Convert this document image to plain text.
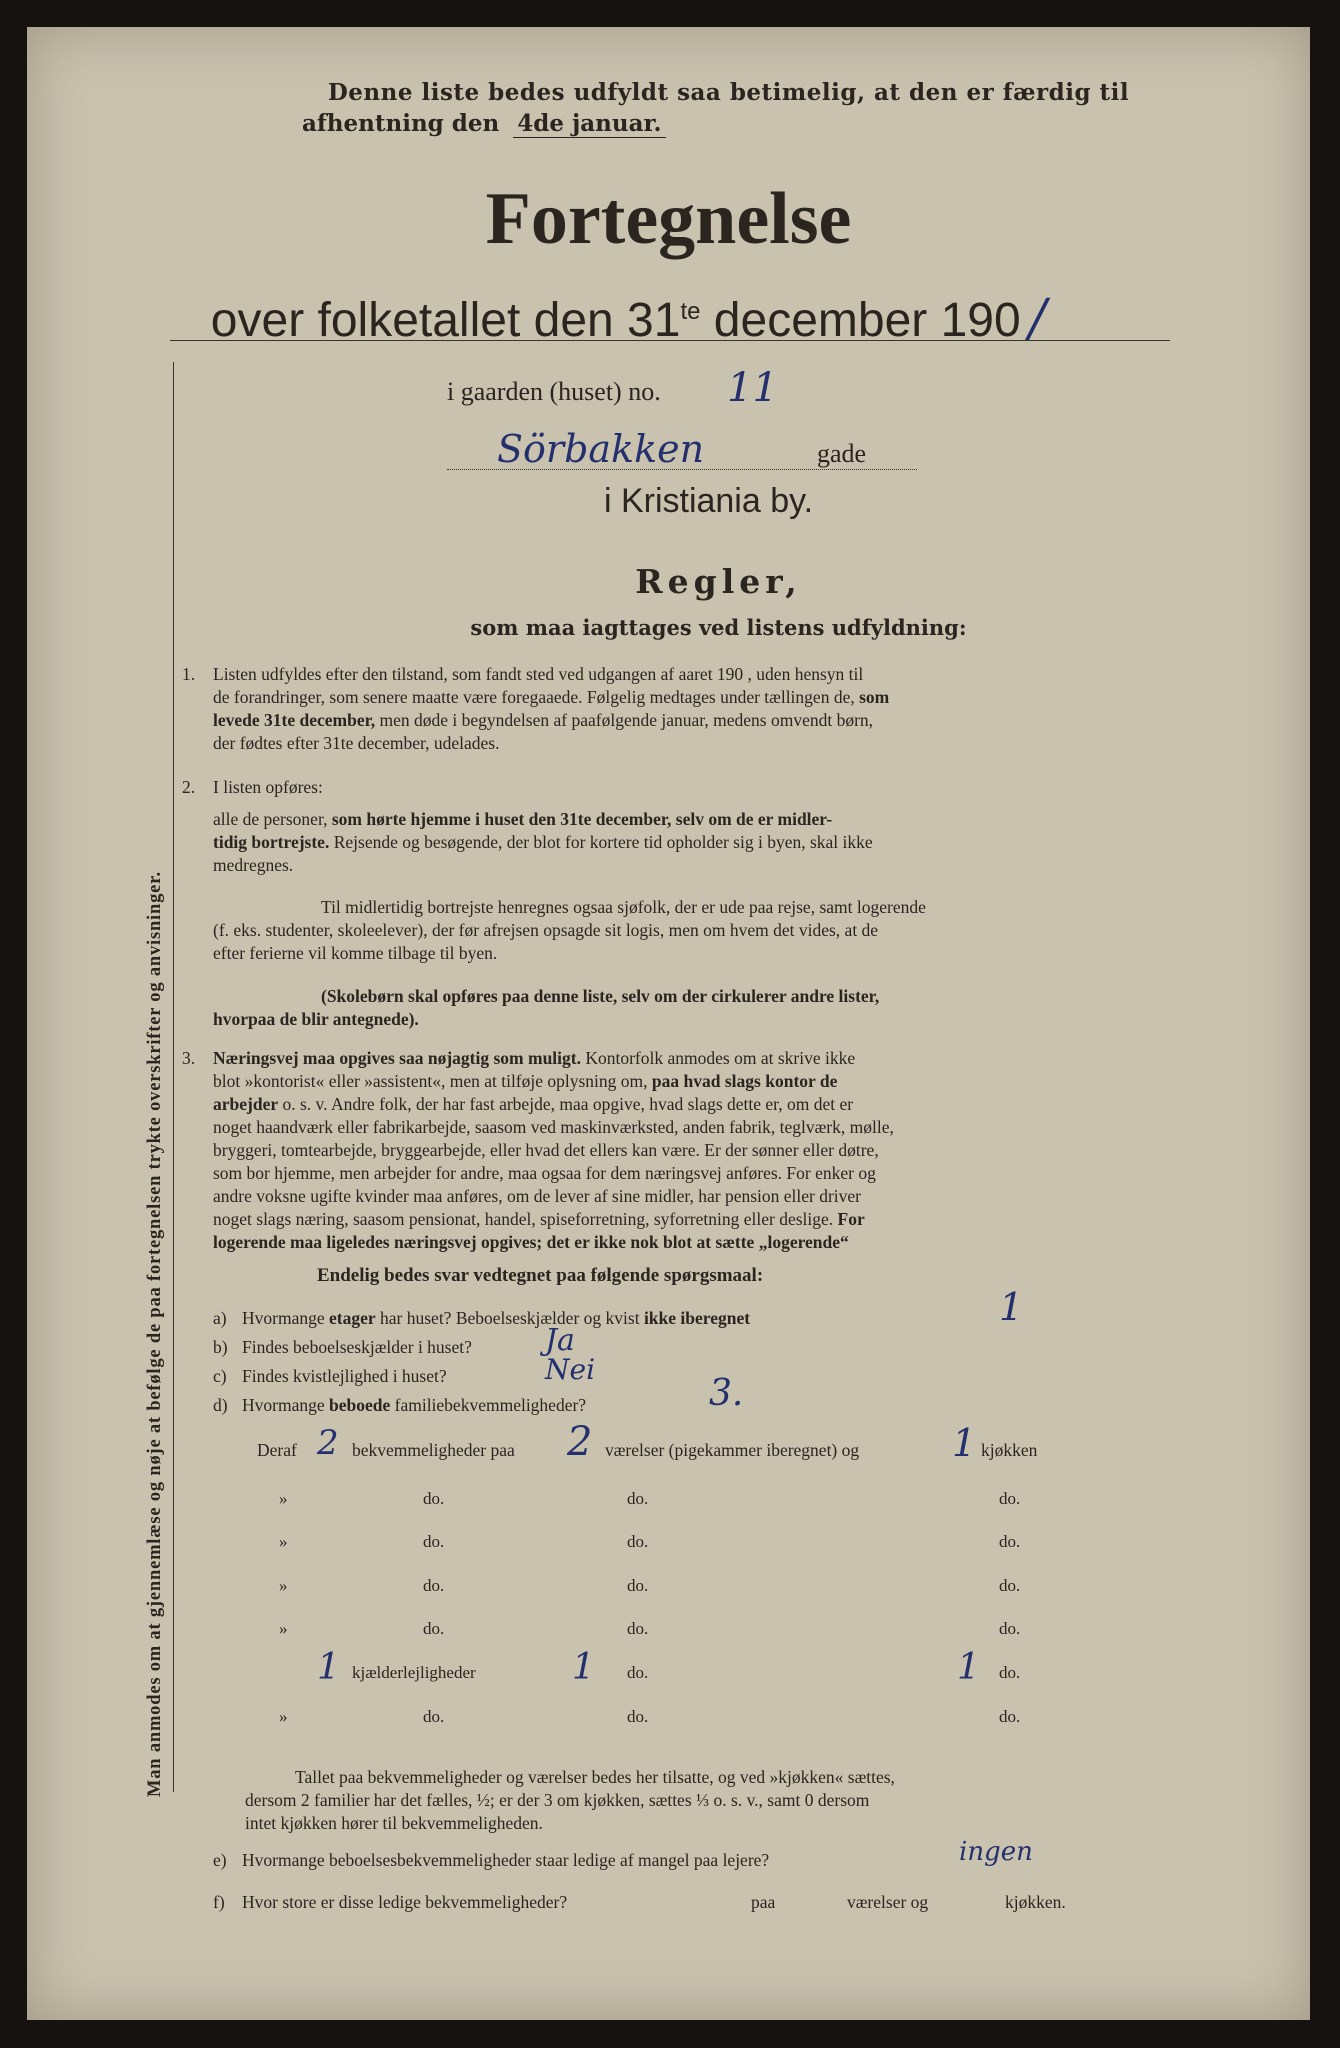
Man anmodes om at gjennemlæse og nøje at befølge de paa fortegnelsen trykte overskrifter og anvisninger.
Denne liste bedes udfyldt saa betimelig, at den er færdig til
afhentning den 4de januar.
Fortegnelse
over folketallet den $31^{te}$ december 190 /
i gaarden (huset) no. 11
Sörbakken	gade
i Kristiania by.
Regler,
som maa iagttages ved listens udfyldning:
1. Listen udfyldes efter den tilstand, som fandt sted ved udgangen af aaret 190 , uden hensyn til
de forandringer, som senere maatte være foregaaede. Følgelig medtages under tællingen de, som
levede 31te december, men døde i begyndelsen af paafølgende januar, medens omvendt børn,
der fødtes efter 31te december, udelades.
2. I listen opføres:
alle de personer, som hørte hjemme i huset den 31te december, selv om de er midler-
tidig bortrejste. Rejsende og besøgende, der blot for kortere tid opholder sig i byen, skal ikke
medregnes.
Til midlertidig bortrejste henregnes ogsaa sjøfolk, der er ude paa rejse, samt logerende
(f. eks. studenter, skoleelever), der før afrejsen opsagde sit logis, men om hvem det vides, at de
efter ferierne vil komme tilbage til byen.
(Skolebørn skal opføres paa denne liste, selv om der cirkulerer andre lister,
hvorpaa de blir antegnede).
3. Næringsvej maa opgives saa nøjagtig som muligt. Kontorfolk anmodes om at skrive ikke
blot »kontorist« eller »assistent«, men at tilføje oplysning om, paa hvad slags kontor de
arbejder o. s. v. Andre folk, der har fast arbejde, maa opgive, hvad slags dette er, om det er
noget haandværk eller fabrikarbejde, saasom ved maskinværksted, anden fabrik, teglværk, mølle,
bryggeri, tomtearbejde, bryggearbejde, eller hvad det ellers kan være. Er der sønner eller døtre,
som bor hjemme, men arbejder for andre, maa ogsaa for dem næringsvej anføres. For enker og
andre voksne ugifte kvinder maa anføres, om de lever af sine midler, har pension eller driver
noget slags næring, saasom pensionat, handel, spiseforretning, syforretning eller deslige. For
logerende maa ligeledes næringsvej opgives; det er ikke nok blot at sætte „logerende“
Endelig bedes svar vedtegnet paa følgende spørgsmaal:
a) Hvormange etager har huset? Beboelseskjælder og kvist ikke iberegnet	1
b) Findes beboelseskjælder i huset? Ja
c) Findes kvistlejlighed i huset?	Nei
d) Hvormange beboede familiebekvemmeligheder?	3.
Deraf 2 bekvemmeligheder paa 2 værelser (pigekammer iberegnet) og 1 kjøkken
»	do.	do.	do.
»	do.	do.	do.
»	do.	do.	do.
»	do.	do.	do.
1 kjælderlejligheder	1 do.	1 do.
»	do.	do.	do.
Tallet paa bekvemmeligheder og værelser bedes her tilsatte, og ved »kjøkken« sættes,
dersom 2 familier har det fælles, ½; er der 3 om kjøkken, sættes ⅓ o. s. v., samt 0 dersom
intet kjøkken hører til bekvemmeligheden.
e) Hvormange beboelsesbekvemmeligheder staar ledige af mangel paa lejere?	ingen
f) Hvor store er disse ledige bekvemmeligheder?	paa	værelser og	kjøkken.
